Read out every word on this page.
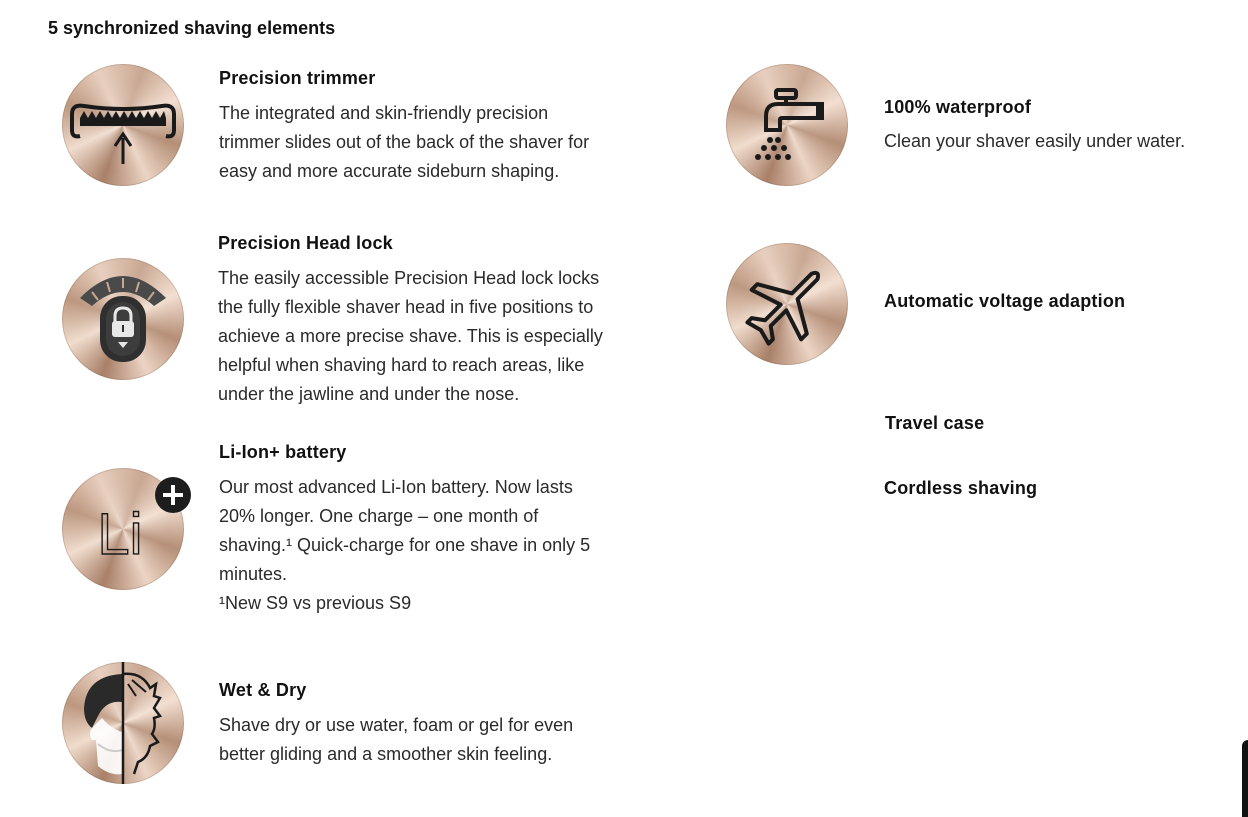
5 synchronized shaving elements
Precision trimmer
The integrated and skin-friendly precision
trimmer slides out of the back of the shaver for
easy and more accurate sideburn shaping.
Precision Head lock
The easily accessible Precision Head lock locks
the fully flexible shaver head in five positions to
achieve a more precise shave. This is especially
helpful when shaving hard to reach areas, like
under the jawline and under the nose.
Li
Li-Ion+ battery
Our most advanced Li-Ion battery. Now lasts
20% longer. One charge – one month of
shaving.¹ Quick-charge for one shave in only 5
minutes.
¹New S9 vs previous S9
Wet & Dry
Shave dry or use water, foam or gel for even
better gliding and a smoother skin feeling.
100% waterproof
Clean your shaver easily under water.
Automatic voltage adaption
Travel case
Cordless shaving
